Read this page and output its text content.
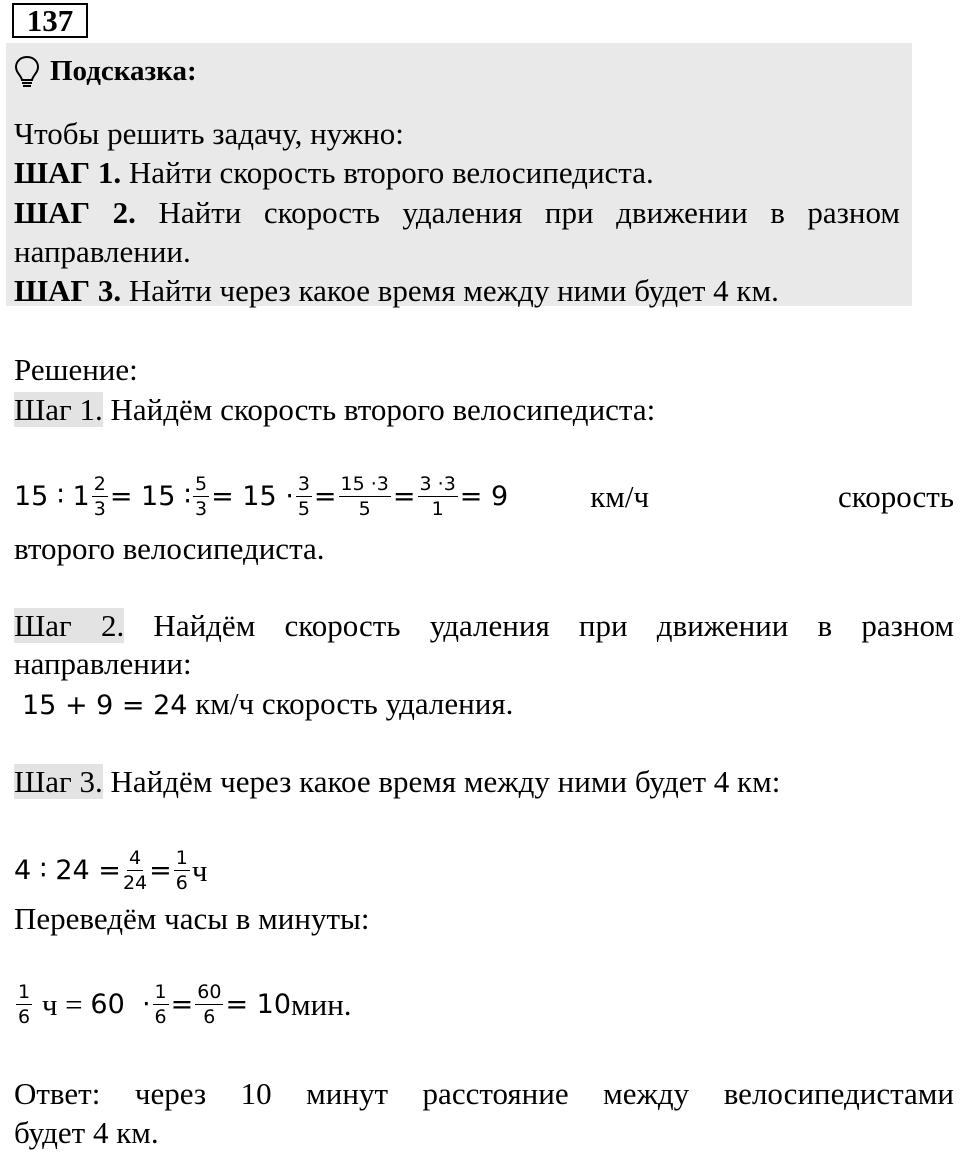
137
Подсказка:
Чтобы решить задачу, нужно:
ШАГ 1. Найти скорость второго велосипедиста.
ШАГ 2. Найти скорость удаления при движении в разном
направлении.
ШАГ 3. Найти через какое время между ними будет 4 км.
Решение:
Шаг 1. Найдём скорость второго велосипедиста:
15 ∶ $1 \frac{2}{3} = 15$ ∶ $\frac{5}{3} = 15 \cdot \frac{3}{5} = \frac{15 \cdot 3}{5} = \frac{3 \cdot 3}{1} = 9$	км/ч	скорость
второго велосипедиста.
Шаг 2. Найдём скорость удаления при движении в разном
направлении:
15 + 9 = 24 км/ч скорость удаления.
Шаг 3. Найдём через какое время между ними будет 4 км:
4 ∶ $24 = \frac{4}{24} = \frac{1}{6}$ ч
Переведём часы в минуты:
$\frac{1}{6}$ $ч = 60 \cdot \frac{1}{6} = \frac{60}{6} = 10$ мин.
Ответ: через 10 минут расстояние между велосипедистами
будет 4 км.
